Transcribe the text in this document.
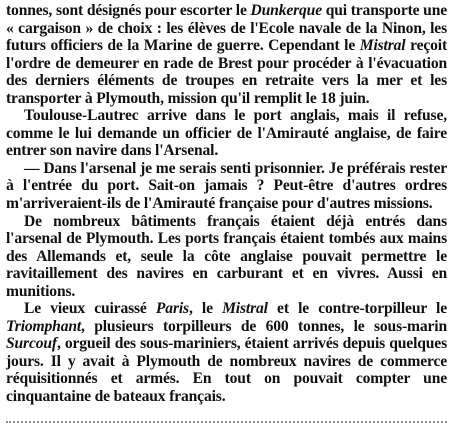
tonnes, sont désignés pour escorter le Dunkerque qui transporte une « cargaison » de choix : les élèves de l'Ecole navale de la Ninon, les futurs officiers de la Marine de guerre. Cependant le Mistral reçoit l'ordre de demeurer en rade de Brest pour procéder à l'évacuation des derniers éléments de troupes en retraite vers la mer et les transporter à Plymouth, mission qu'il remplit le 18 juin.

Toulouse-Lautrec arrive dans le port anglais, mais il refuse, comme le lui demande un officier de l'Amirauté anglaise, de faire entrer son navire dans l'Arsenal.

— Dans l'arsenal je me serais senti prisonnier. Je préférais rester à l'entrée du port. Sait-on jamais ? Peut-être d'autres ordres m'arriveraient-ils de l'Amirauté française pour d'autres missions.

De nombreux bâtiments français étaient déjà entrés dans l'arsenal de Plymouth. Les ports français étaient tombés aux mains des Allemands et, seule la côte anglaise pouvait permettre le ravitaillement des navires en carburant et en vivres. Aussi en munitions.

Le vieux cuirassé Paris, le Mistral et le contre-torpilleur le Triomphant, plusieurs torpilleurs de 600 tonnes, le sous-marin Surcouf, orgueil des sous-mariniers, étaient arrivés depuis quelques jours. Il y avait à Plymouth de nombreux navires de commerce réquisitionnés et armés. En tout on pouvait compter une cinquantaine de bateaux français.
